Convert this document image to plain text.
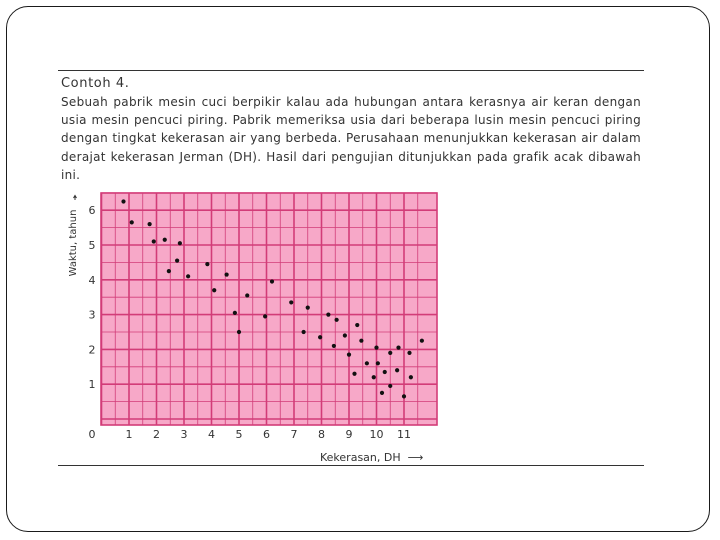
Contoh 4.
Sebuah pabrik mesin cuci berpikir kalau ada hubungan antara kerasnya air keran dengan usia mesin pencuci piring. Pabrik memeriksa usia dari beberapa lusin mesin pencuci piring dengan tingkat kekerasan air yang berbeda. Perusahaan menunjukkan kekerasan air dalam derajat kekerasan Jerman (DH). Hasil dari pengujian ditunjukkan pada grafik acak dibawah ini.
1 2 3 4 5 6 7 8 9 10 11
1
2
3
4
5
6
0
Waktu, tahun
Kekerasan, DH  ⟶
